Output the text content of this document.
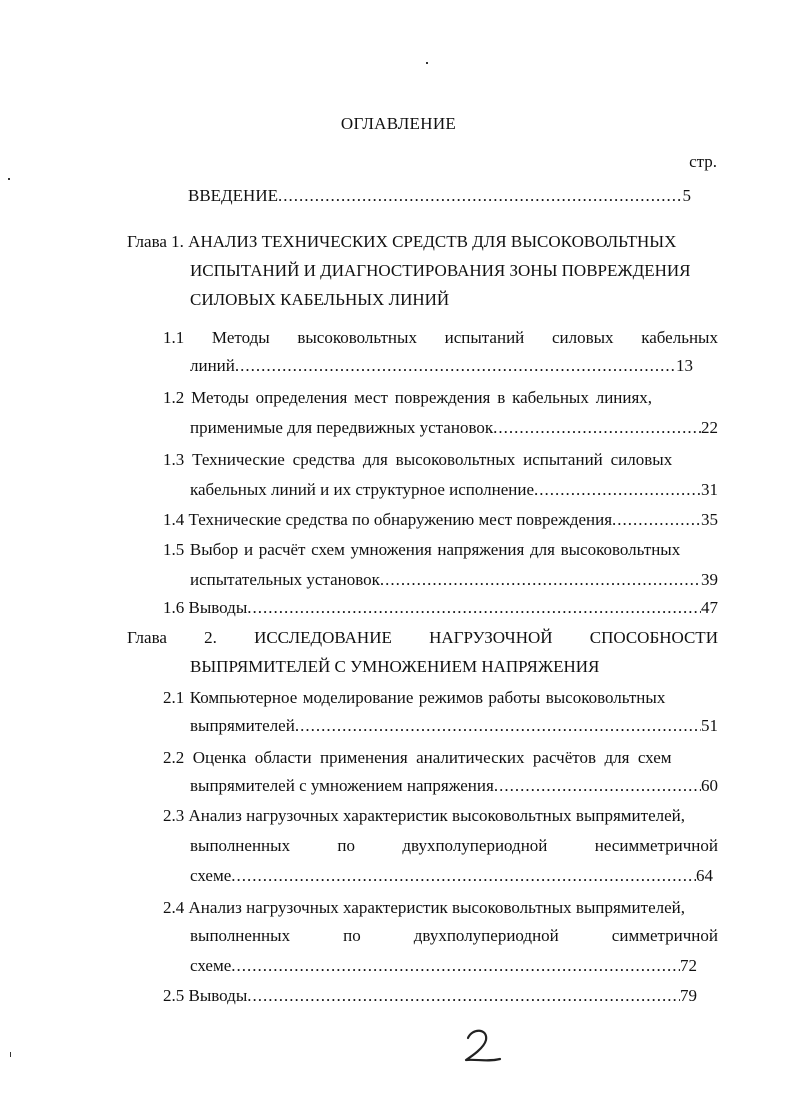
ОГЛАВЛЕНИЕ
стр.
ВВЕДЕНИЕ .....	5
Глава 1. АНАЛИЗ ТЕХНИЧЕСКИХ СРЕДСТВ ДЛЯ ВЫСОКОВОЛЬТНЫХ
ИСПЫТАНИЙ И ДИАГНОСТИРОВАНИЯ ЗОНЫ ПОВРЕЖДЕНИЯ
СИЛОВЫХ КАБЕЛЬНЫХ ЛИНИЙ
1.1 Методы высоковольтных испытаний силовых кабельных
линий .....	13
1.2 Методы определения мест повреждения в кабельных линиях,
применимые для передвижных установок .....	22
1.3 Технические средства для высоковольтных испытаний силовых
кабельных линий и их структурное исполнение .....	31
1.4 Технические средства по обнаружению мест повреждения .....	35
1.5 Выбор и расчёт схем умножения напряжения для высоковольтных
испытательных установок .....	39
1.6 Выводы .....	47
Глава 2. ИССЛЕДОВАНИЕ НАГРУЗОЧНОЙ СПОСОБНОСТИ
ВЫПРЯМИТЕЛЕЙ С УМНОЖЕНИЕМ НАПРЯЖЕНИЯ
2.1 Компьютерное моделирование режимов работы высоковольтных
выпрямителей .....	51
2.2 Оценка области применения аналитических расчётов для схем
выпрямителей с умножением напряжения .....	60
2.3 Анализ нагрузочных характеристик высоковольтных выпрямителей,
выполненных	по	двухполупериодной	несимметричной
схеме .....	64
2.4 Анализ нагрузочных характеристик высоковольтных выпрямителей,
выполненных	по	двухполупериодной	симметричной
схеме .....	72
2.5 Выводы .....	79
